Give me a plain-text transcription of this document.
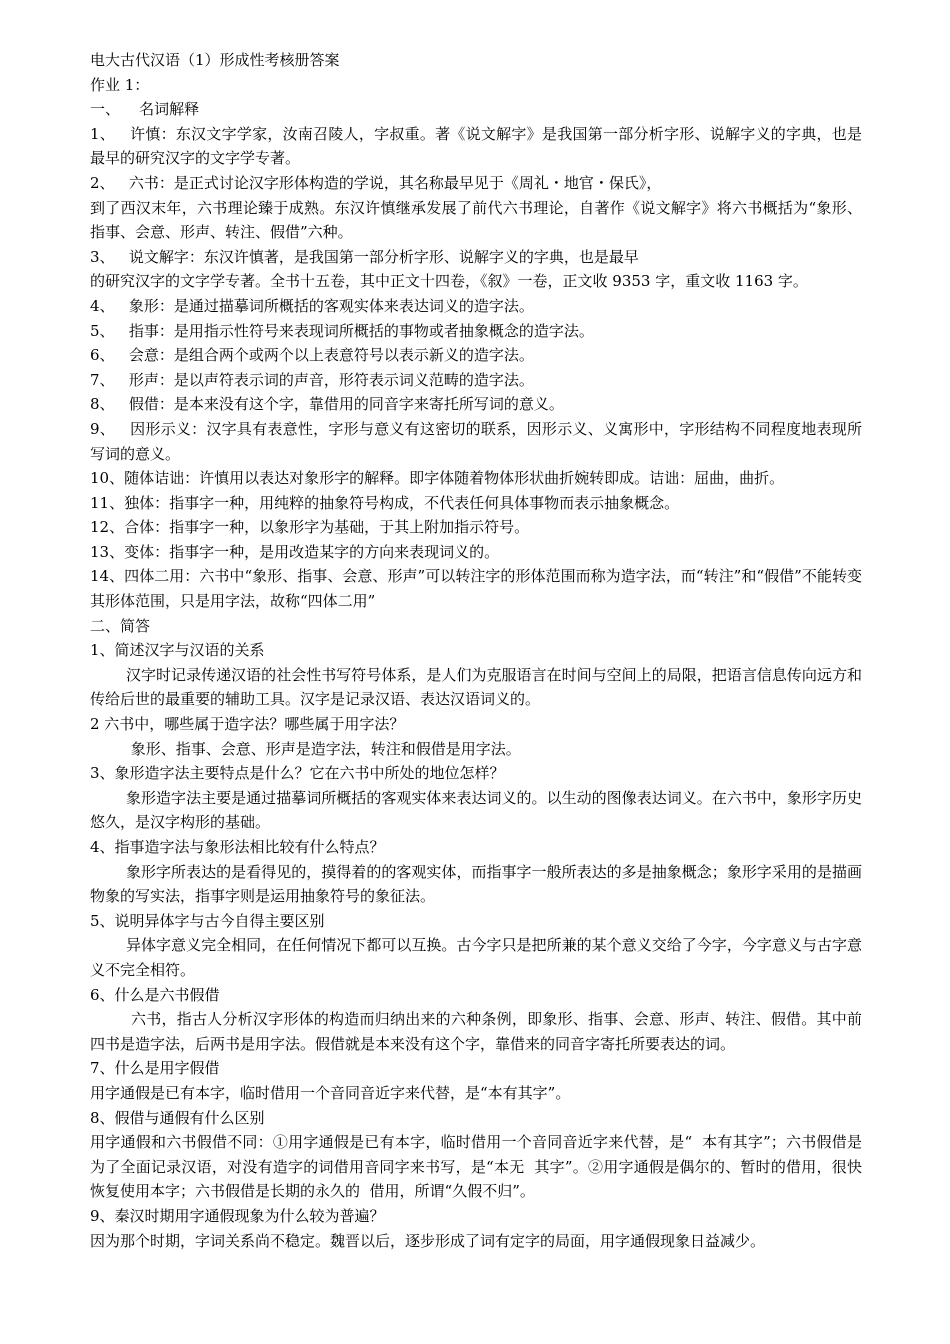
电大古代汉语（1）形成性考核册答案

作业 1：

一、    名词解释

1、   许慎：东汉文字学家，汝南召陵人，字叔重。著《说文解字》是我国第一部分析字形、说解字义的字典，也是最早的研究汉字的文字学专著。

2、   六书：是正式讨论汉字形体构造的学说，其名称最早见于《周礼・地官・保氏》，

到了西汉末年，六书理论臻于成熟。东汉许慎继承发展了前代六书理论，自著作《说文解字》将六书概括为“象形、指事、会意、形声、转注、假借”六种。

3、   说文解字：东汉许慎著，是我国第一部分析字形、说解字义的字典，也是最早

的研究汉字的文字学专著。全书十五卷，其中正文十四卷，《叙》一卷，正文收 9353 字，重文收 1163 字。

4、   象形：是通过描摹词所概括的客观实体来表达词义的造字法。

5、   指事：是用指示性符号来表现词所概括的事物或者抽象概念的造字法。

6、   会意：是组合两个或两个以上表意符号以表示新义的造字法。

7、   形声：是以声符表示词的声音，形符表示词义范畴的造字法。

8、   假借：是本来没有这个字，靠借用的同音字来寄托所写词的意义。

9、   因形示义：汉字具有表意性，字形与意义有这密切的联系，因形示义、义寓形中，字形结构不同程度地表现所写词的意义。

10、随体诘诎：许慎用以表达对象形字的解释。即字体随着物体形状曲折婉转即成。诘诎：屈曲，曲折。

11、独体：指事字一种，用纯粹的抽象符号构成，不代表任何具体事物而表示抽象概念。

12、合体：指事字一种，以象形字为基础，于其上附加指示符号。

13、变体：指事字一种，是用改造某字的方向来表现词义的。

14、四体二用：六书中“象形、指事、会意、形声”可以转注字的形体范围而称为造字法，而“转注”和“假借”不能转变其形体范围，只是用字法，故称“四体二用”

二、简答

1、简述汉字与汉语的关系

汉字时记录传递汉语的社会性书写符号体系，是人们为克服语言在时间与空间上的局限，把语言信息传向远方和传给后世的最重要的辅助工具。汉字是记录汉语、表达汉语词义的。

2 六书中，哪些属于造字法？哪些属于用字法？

象形、指事、会意、形声是造字法，转注和假借是用字法。

3、象形造字法主要特点是什么？它在六书中所处的地位怎样？

象形造字法主要是通过描摹词所概括的客观实体来表达词义的。以生动的图像表达词义。在六书中，象形字历史悠久，是汉字构形的基础。

4、指事造字法与象形法相比较有什么特点？

象形字所表达的是看得见的，摸得着的的客观实体，而指事字一般所表达的多是抽象概念；象形字采用的是描画物象的写实法，指事字则是运用抽象符号的象征法。

5、说明异体字与古今自得主要区别

异体字意义完全相同，在任何情况下都可以互换。古今字只是把所兼的某个意义交给了今字，今字意义与古字意义不完全相符。

6、什么是六书假借

六书，指古人分析汉字形体的构造而归纳出来的六种条例，即象形、指事、会意、形声、转注、假借。其中前四书是造字法，后两书是用字法。假借就是本来没有这个字，靠借来的同音字寄托所要表达的词。

7、什么是用字假借

用字通假是已有本字，临时借用一个音同音近字来代替，是“本有其字”。

8、假借与通假有什么区别

用字通假和六书假借不同：①用字通假是已有本字，临时借用一个音同音近字来代替，是“  本有其字”；六书假借是为了全面记录汉语，对没有造字的词借用音同字来书写，是“本无  其字”。②用字通假是偶尔的、暂时的借用，很快恢复使用本字；六书假借是长期的永久的  借用，所谓“久假不归”。

9、秦汉时期用字通假现象为什么较为普遍？

因为那个时期，字词关系尚不稳定。魏晋以后，逐步形成了词有定字的局面，用字通假现象日益减少。
